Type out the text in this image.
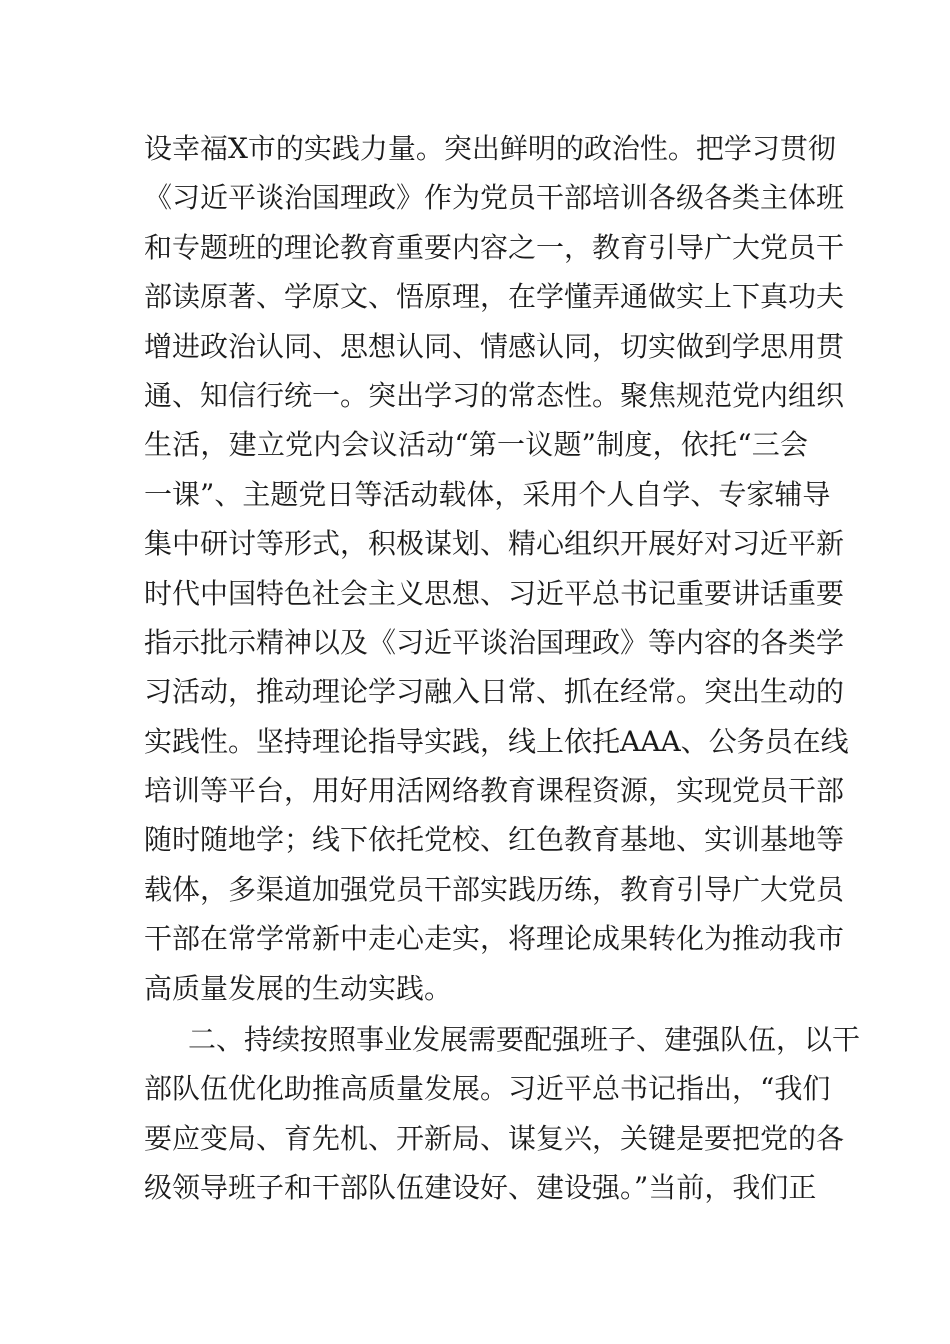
设幸福X市的实践力量。突出鲜明的政治性。把学习贯彻
《习近平谈治国理政》作为党员干部培训各级各类主体班
和专题班的理论教育重要内容之一，教育引导广大党员干
部读原著、学原文、悟原理，在学懂弄通做实上下真功夫
增进政治认同、思想认同、情感认同，切实做到学思用贯
通、知信行统一。突出学习的常态性。聚焦规范党内组织
生活，建立党内会议活动“第一议题”制度，依托“三会
一课”、主题党日等活动载体，采用个人自学、专家辅导
集中研讨等形式，积极谋划、精心组织开展好对习近平新
时代中国特色社会主义思想、习近平总书记重要讲话重要
指示批示精神以及《习近平谈治国理政》等内容的各类学
习活动，推动理论学习融入日常、抓在经常。突出生动的
实践性。坚持理论指导实践，线上依托AAA、公务员在线
培训等平台，用好用活网络教育课程资源，实现党员干部
随时随地学；线下依托党校、红色教育基地、实训基地等
载体，多渠道加强党员干部实践历练，教育引导广大党员
干部在常学常新中走心走实，将理论成果转化为推动我市
高质量发展的生动实践。
二、持续按照事业发展需要配强班子、建强队伍，以干
部队伍优化助推高质量发展。习近平总书记指出，“我们
要应变局、育先机、开新局、谋复兴，关键是要把党的各
级领导班子和干部队伍建设好、建设强。”当前，我们正
